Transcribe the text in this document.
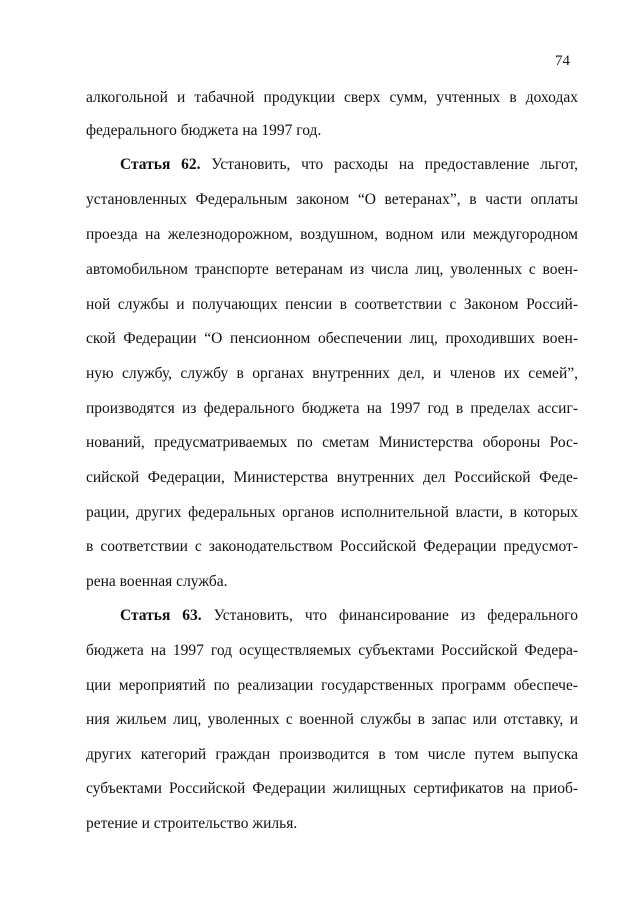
74
алкогольной и табачной продукции сверх сумм, учтенных в доходах
федерального бюджета на 1997 год.
Статья 62. Установить, что расходы на предоставление льгот,
установленных Федеральным законом “О ветеранах”, в части оплаты
проезда на железнодорожном, воздушном, водном или междугородном
автомобильном транспорте ветеранам из числа лиц, уволенных с воен-
ной службы и получающих пенсии в соответствии с Законом Россий-
ской Федерации “О пенсионном обеспечении лиц, проходивших воен-
ную службу, службу в органах внутренних дел, и членов их семей”,
производятся из федерального бюджета на 1997 год в пределах ассиг-
нований, предусматриваемых по сметам Министерства обороны Рос-
сийской Федерации, Министерства внутренних дел Российской Феде-
рации, других федеральных органов исполнительной власти, в которых
в соответствии с законодательством Российской Федерации предусмот-
рена военная служба.
Статья 63. Установить, что финансирование из федерального
бюджета на 1997 год осуществляемых субъектами Российской Федера-
ции мероприятий по реализации государственных программ обеспече-
ния жильем лиц, уволенных с военной службы в запас или отставку, и
других категорий граждан производится в том числе путем выпуска
субъектами Российской Федерации жилищных сертификатов на приоб-
ретение и строительство жилья.
